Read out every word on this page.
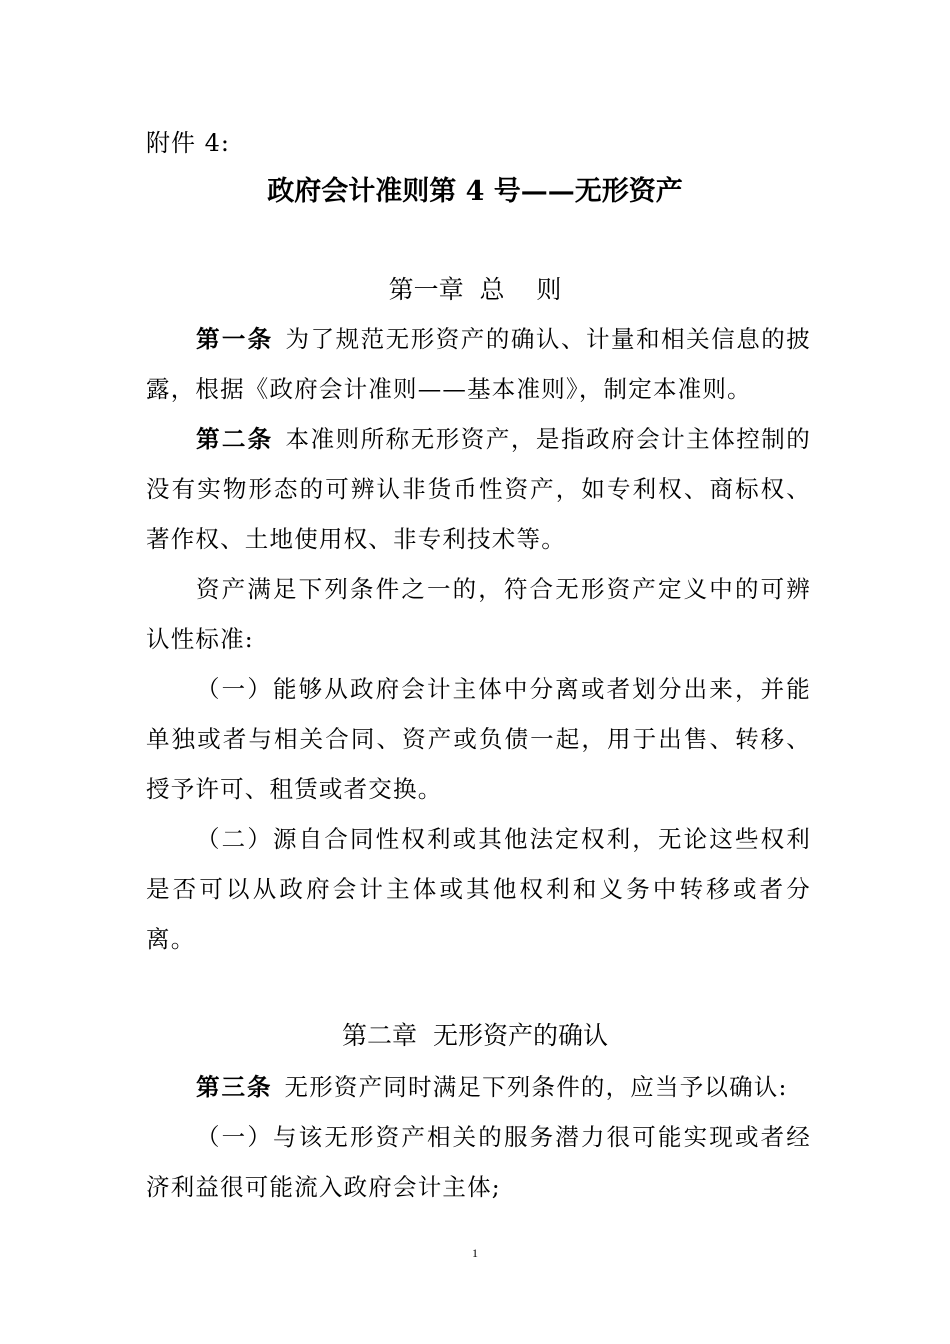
附件 4:
政府会计准则第 4 号——无形资产
第一章  总    则
第一条 为了规范无形资产的确认、计量和相关信息的披露，根据《政府会计准则——基本准则》，制定本准则。
第二条 本准则所称无形资产，是指政府会计主体控制的没有实物形态的可辨认非货币性资产，如专利权、商标权、著作权、土地使用权、非专利技术等。
资产满足下列条件之一的，符合无形资产定义中的可辨认性标准:
（一）能够从政府会计主体中分离或者划分出来，并能单独或者与相关合同、资产或负债一起，用于出售、转移、授予许可、租赁或者交换。
（二）源自合同性权利或其他法定权利，无论这些权利是否可以从政府会计主体或其他权利和义务中转移或者分离。
第二章  无形资产的确认
第三条 无形资产同时满足下列条件的，应当予以确认:
（一）与该无形资产相关的服务潜力很可能实现或者经济利益很可能流入政府会计主体;
1
